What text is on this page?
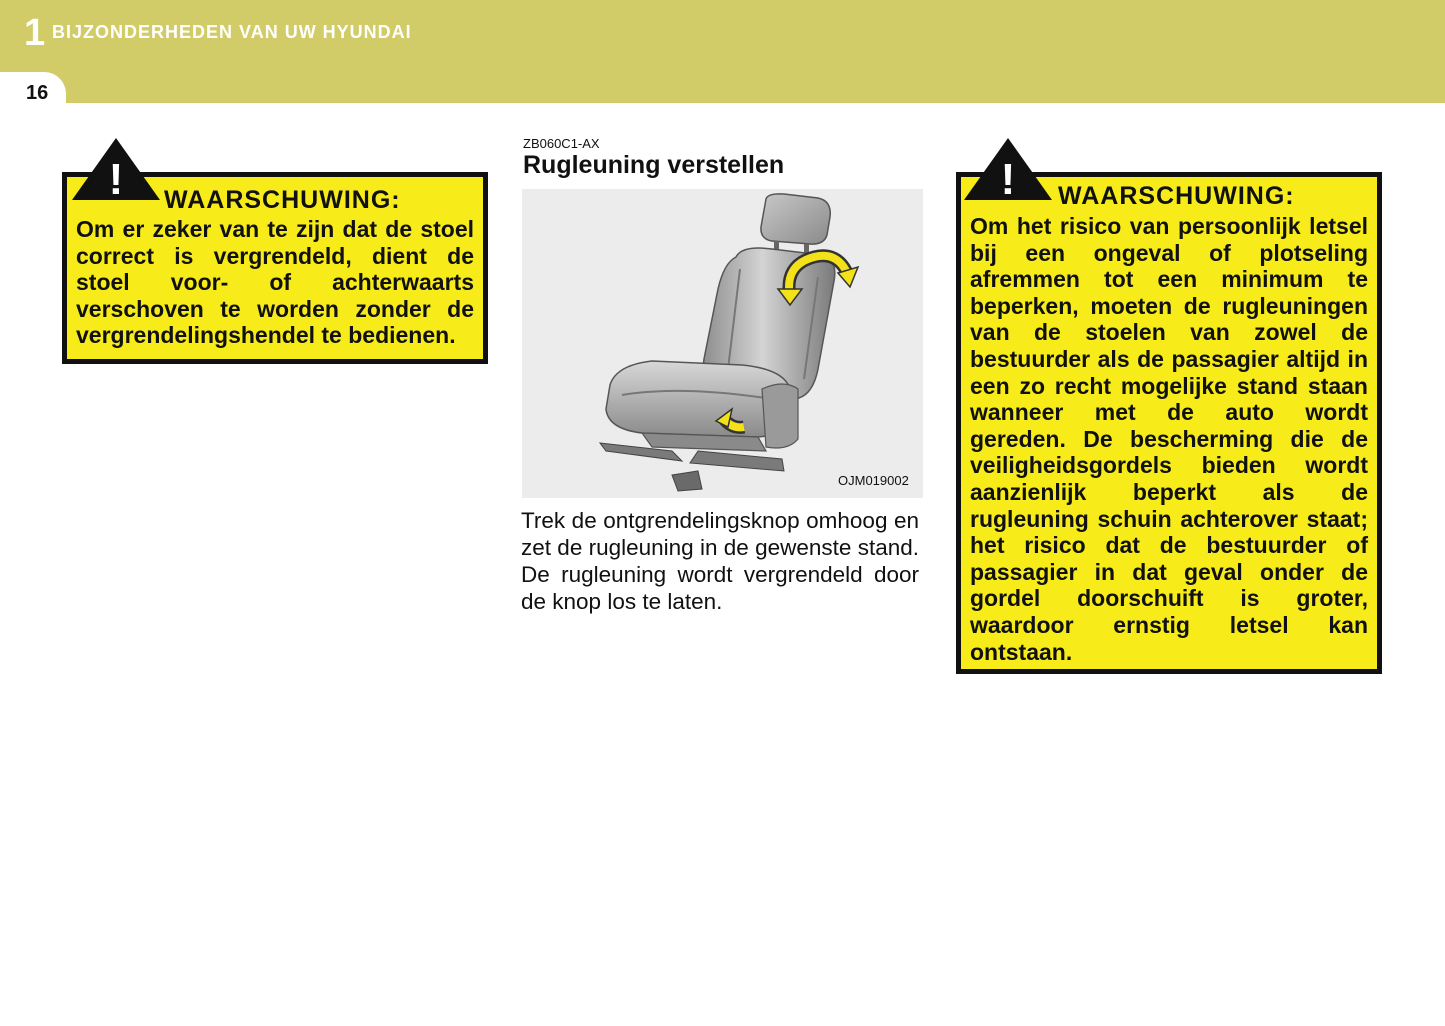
1 BIJZONDERHEDEN VAN UW HYUNDAI
16
! WAARSCHUWING:
Om er zeker van te zijn dat de stoel correct is vergrendeld, dient de stoel voor- of achterwaarts verschoven te worden zonder de vergrendelingshendel te bedienen.
ZB060C1-AX
Rugleuning verstellen
OJM019002
Trek de ontgrendelingsknop omhoog en zet de rugleuning in de gewenste stand. De rugleuning wordt vergrendeld door de knop los te laten.
! WAARSCHUWING:
Om het risico van persoonlijk letsel bij een ongeval of plotseling afremmen tot een minimum te beperken, moeten de rugleuningen van de stoelen van zowel de bestuurder als de passagier altijd in een zo recht mogelijke stand staan wanneer met de auto wordt gereden. De bescherming die de veiligheidsgordels bieden wordt aanzienlijk beperkt als de rugleuning schuin achterover staat; het risico dat de bestuurder of passagier in dat geval onder de gordel doorschuift is groter, waardoor ernstig letsel kan ontstaan.
